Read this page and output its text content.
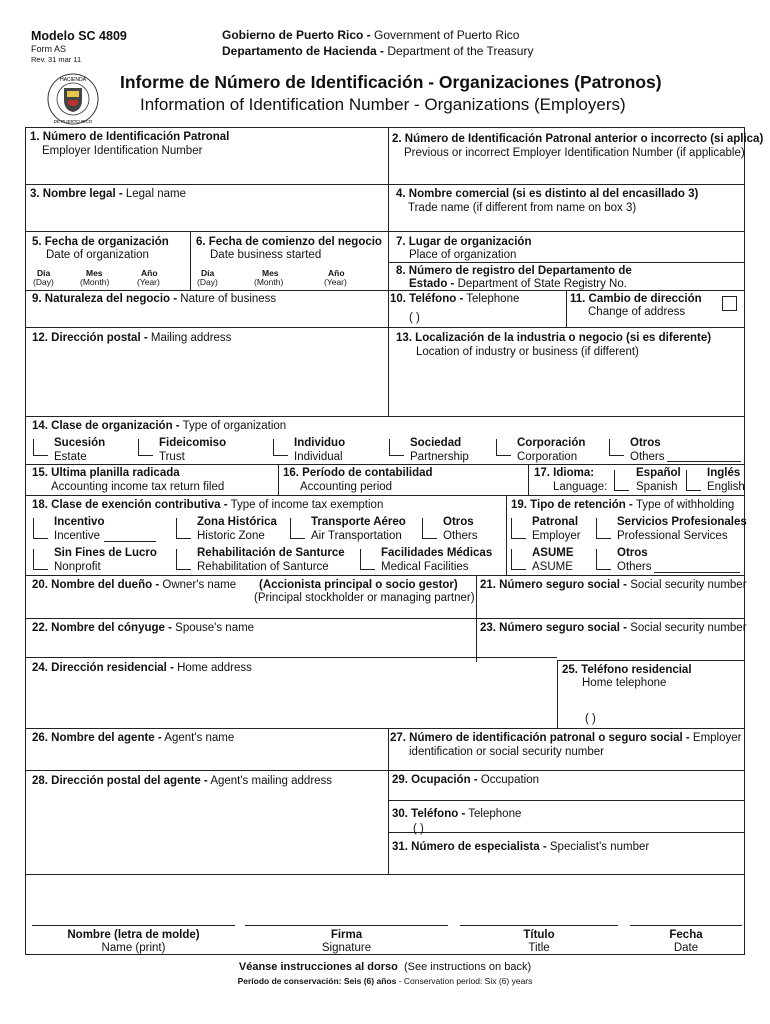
Modelo SC 4809
Form AS
Rev. 31 mar 11
Gobierno de Puerto Rico - Government of Puerto Rico
Departamento de Hacienda - Department of the Treasury
HACIENDA
DE PUERTO RICO
Informe de Número de Identificación - Organizaciones (Patronos)
Information of Identification Number - Organizations (Employers)
1. Número de Identificación Patronal
Employer Identification Number
2. Número de Identificación Patronal anterior o incorrecto (si aplica)
Previous or incorrect Employer Identification Number (if applicable)
3. Nombre legal - Legal name	4. Nombre comercial (si es distinto al del encasillado 3)
Trade name (if different from name on box 3)
5. Fecha de organización
Date of organization
Día
(Day)
Mes
(Month)
Año
(Year)
6. Fecha de comienzo del negocio
Date business started
Día
(Day)
Mes
(Month)
Año
(Year)
7. Lugar de organización
Place of organization
8. Número de registro del Departamento de
Estado - Department of State Registry No.
9. Naturaleza del negocio - Nature of business	10. Teléfono - Telephone
( )
11. Cambio de dirección
Change of address
12. Dirección postal - Mailing address	13. Localización de la industria o negocio (si es diferente)
Location of industry or business (if different)
14. Clase de organización - Type of organization
Sucesión
Estate
Fideicomiso
Trust
Individuo
Individual
Sociedad
Partnership
Corporación
Corporation
Otros
Others
15. Ultima planilla radicada
Accounting income tax return filed
16. Período de contabilidad
Accounting period
17. Idioma:
Language:
Español
Spanish
Inglés
English
18. Clase de exención contributiva - Type of income tax exemption	19. Tipo de retención - Type of withholding
Incentivo
Incentive
Zona Histórica
Historic Zone
Transporte Aéreo
Air Transportation
Otros
Others
Sin Fines de Lucro
Nonprofit
Rehabilitación de Santurce
Rehabilitation of Santurce
Facilidades Médicas
Medical Facilities
Patronal
Employer
Servicios Profesionales
Professional Services
ASUME
ASUME
Otros
Others
20. Nombre del dueño - Owner's name (Accionista principal o socio gestor)
(Principal stockholder or managing partner)
21. Número seguro social - Social security number
22. Nombre del cónyuge - Spouse's name	23. Número seguro social - Social security number
24. Dirección residencial - Home address	25. Teléfono residencial
Home telephone
( )
26. Nombre del agente - Agent's name	27. Número de identificación patronal o seguro social - Employer
identification or social security number
28. Dirección postal del agente - Agent's mailing address	29. Ocupación - Occupation
30. Teléfono - Telephone
( )
31. Número de especialista - Specialist's number
Nombre (letra de molde)
Name (print)
Firma
Signature
Título
Title
Fecha
Date
Véanse instrucciones al dorso (See instructions on back)
Período de conservación: Seis (6) años - Conservation period: Six (6) years
